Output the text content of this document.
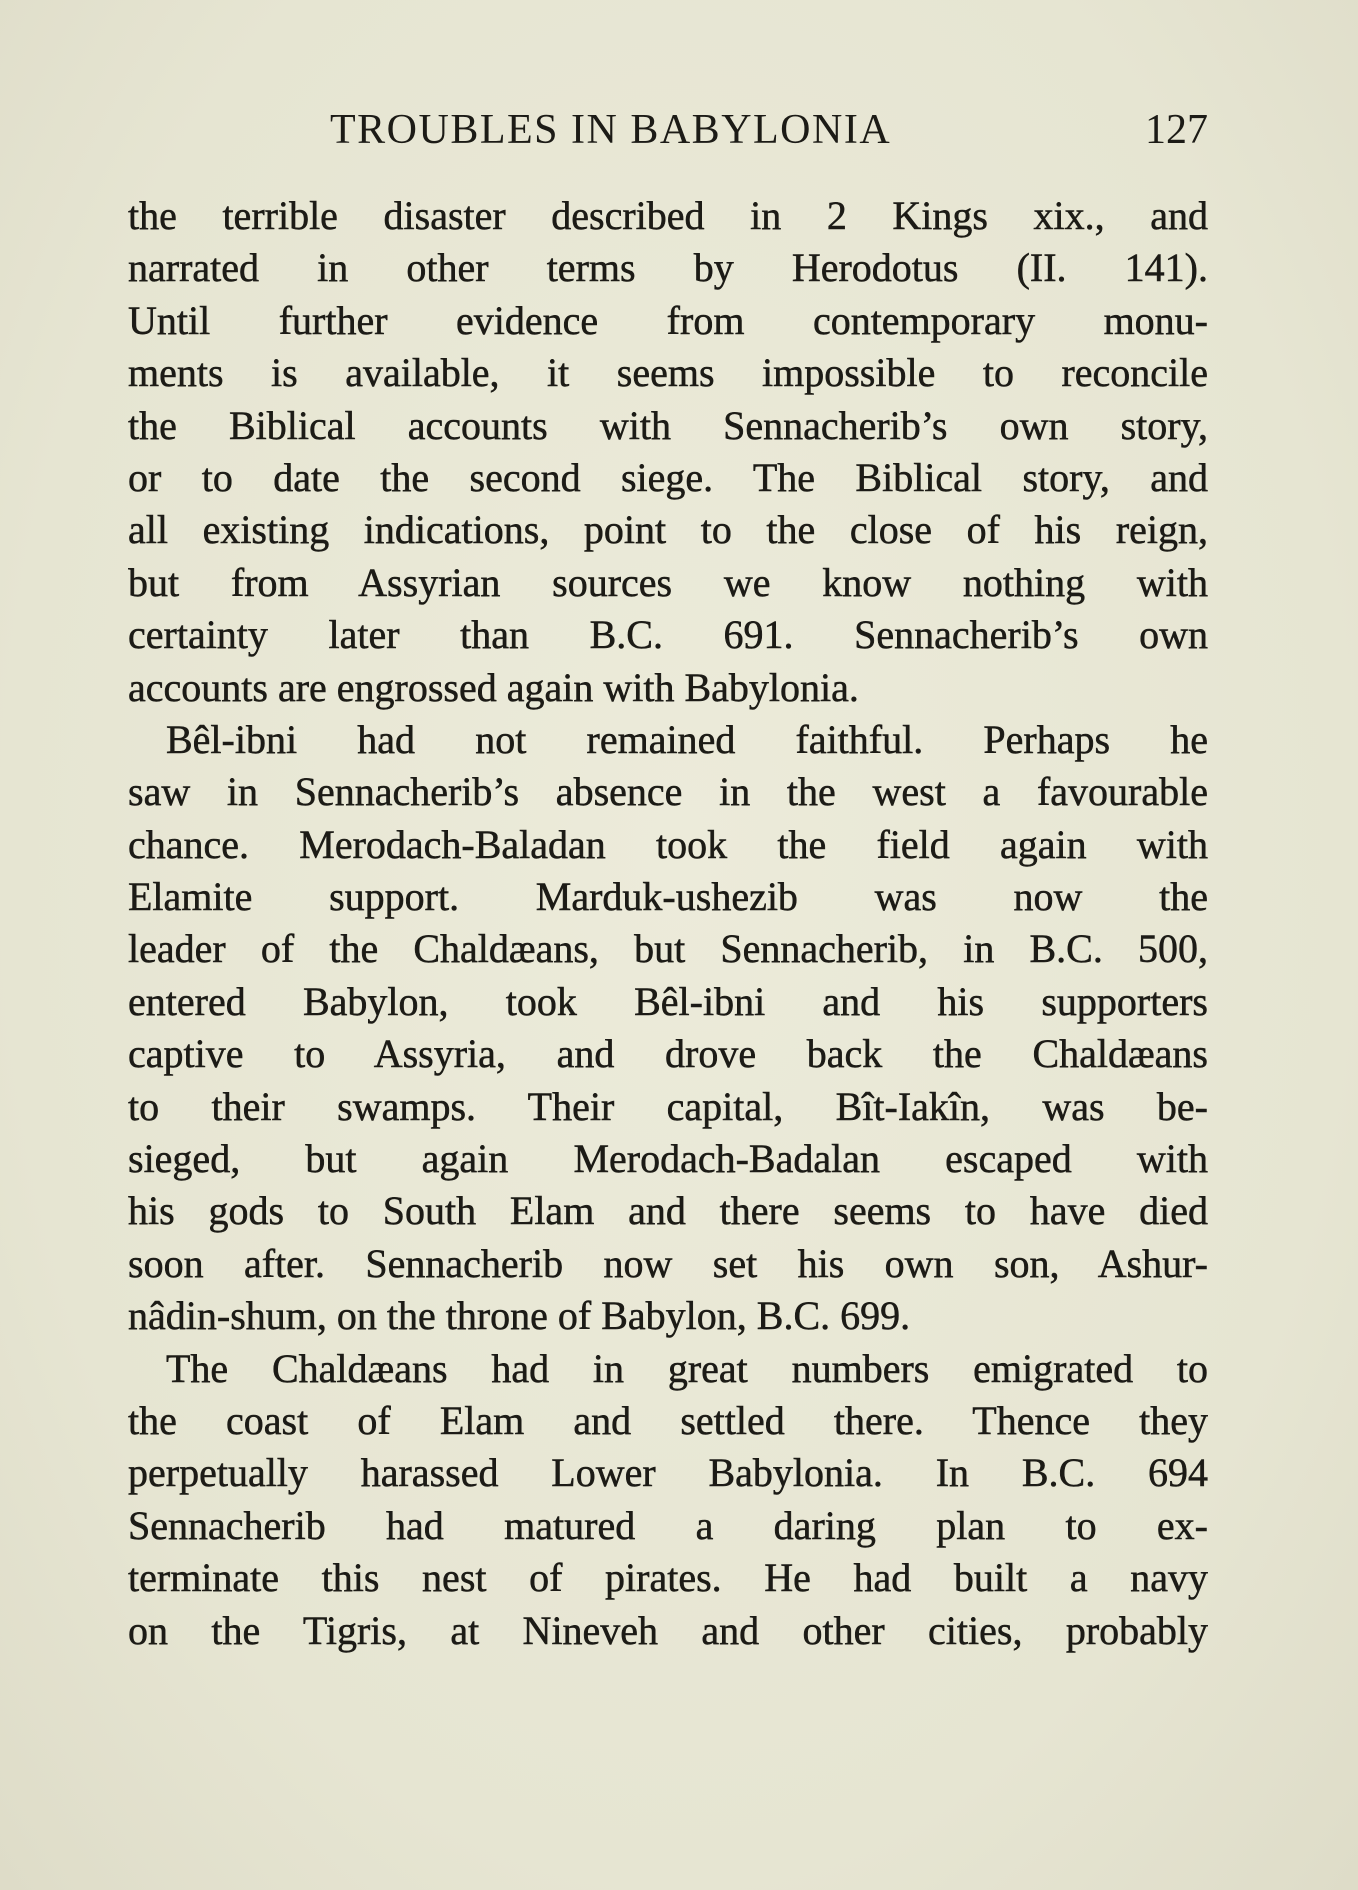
TROUBLES IN BABYLONIA	127
the terrible disaster described in 2 Kings xix., and
narrated in other terms by Herodotus (II. 141).
Until further evidence from contemporary monu-
ments is available, it seems impossible to reconcile
the Biblical accounts with Sennacherib’s own story,
or to date the second siege. The Biblical story, and
all existing indications, point to the close of his reign,
but from Assyrian sources we know nothing with
certainty later than B.C. 691. Sennacherib’s own
accounts are engrossed again with Babylonia.
Bêl-ibni had not remained faithful. Perhaps he
saw in Sennacherib’s absence in the west a favourable
chance. Merodach-Baladan took the field again with
Elamite support. Marduk-ushezib was now the
leader of the Chaldæans, but Sennacherib, in B.C. 500,
entered Babylon, took Bêl-ibni and his supporters
captive to Assyria, and drove back the Chaldæans
to their swamps. Their capital, Bît-Iakîn, was be-
sieged, but again Merodach-Badalan escaped with
his gods to South Elam and there seems to have died
soon after. Sennacherib now set his own son, Ashur-
nâdin-shum, on the throne of Babylon, B.C. 699.
The Chaldæans had in great numbers emigrated to
the coast of Elam and settled there. Thence they
perpetually harassed Lower Babylonia. In B.C. 694
Sennacherib had matured a daring plan to ex-
terminate this nest of pirates. He had built a navy
on the Tigris, at Nineveh and other cities, probably
